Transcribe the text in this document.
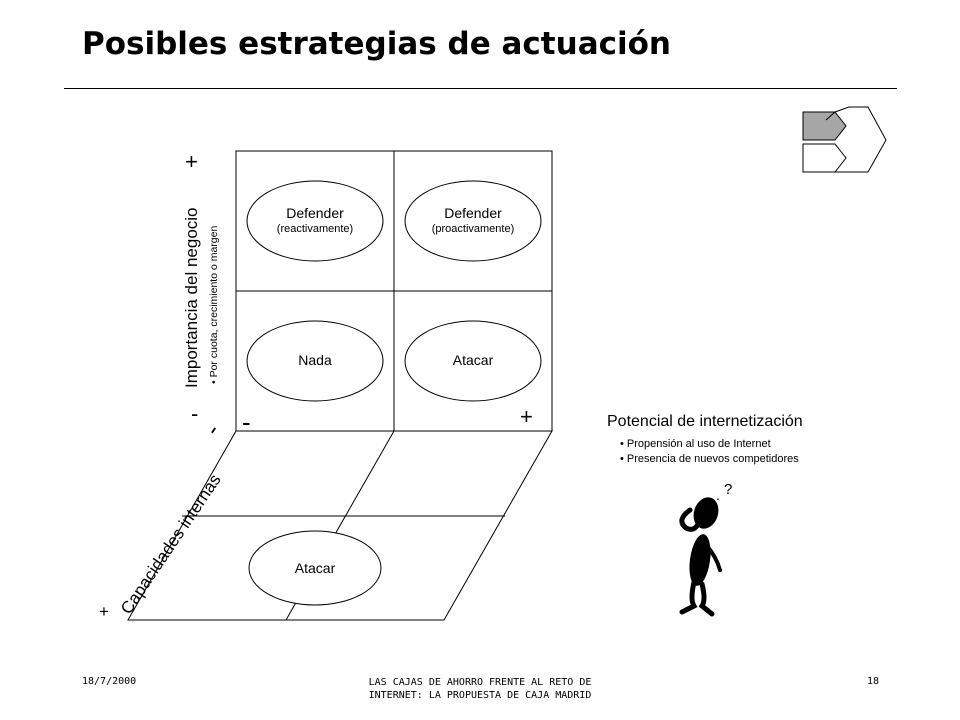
Posibles estrategias de actuación
. ?
Importancia del negocio • Por cuota, crecimiento o margen
+
- -	+
Capacidades internas
+
-
Defender
(reactivamente)
Defender
(proactivamente)
Nada	Atacar
Atacar
Potencial de internetización
• Propensión al uso de Internet
• Presencia de nuevos competidores
18/7/2000	LAS CAJAS DE AHORRO FRENTE AL RETO DE
INTERNET: LA PROPUESTA DE CAJA MADRID
18
